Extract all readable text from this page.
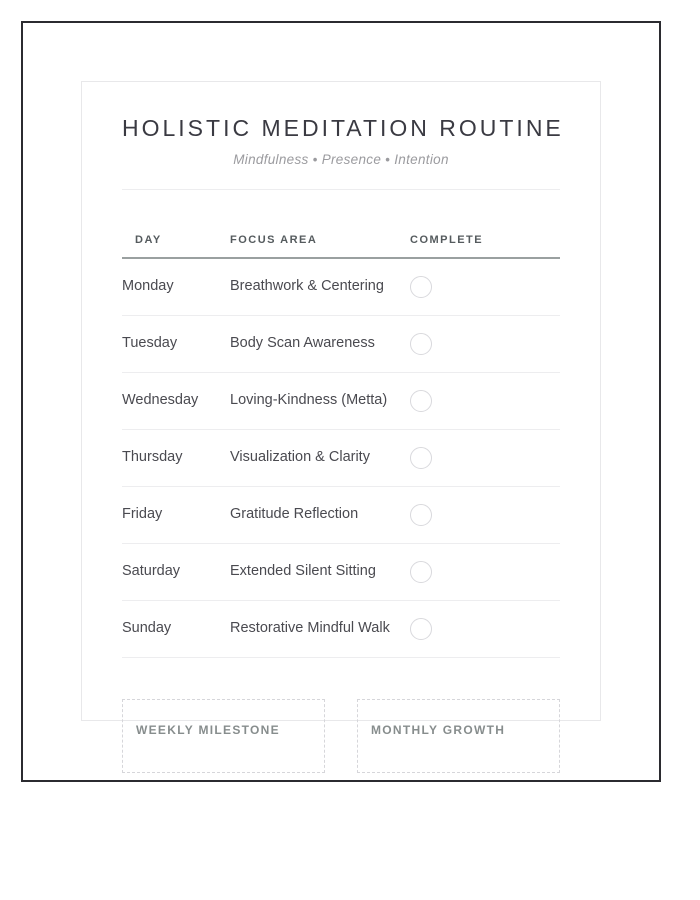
HOLISTIC MEDITATION ROUTINE
Mindfulness • Presence • Intention
DAY	FOCUS AREA	COMPLETE
Monday	Breathwork & Centering	

Tuesday	Body Scan Awareness	

Wednesday	Loving-Kindness (Metta)	

Thursday	Visualization & Clarity	

Friday	Gratitude Reflection	

Saturday	Extended Silent Sitting	

Sunday	Restorative Mindful Walk	
WEEKLY MILESTONE	MONTHLY GROWTH
